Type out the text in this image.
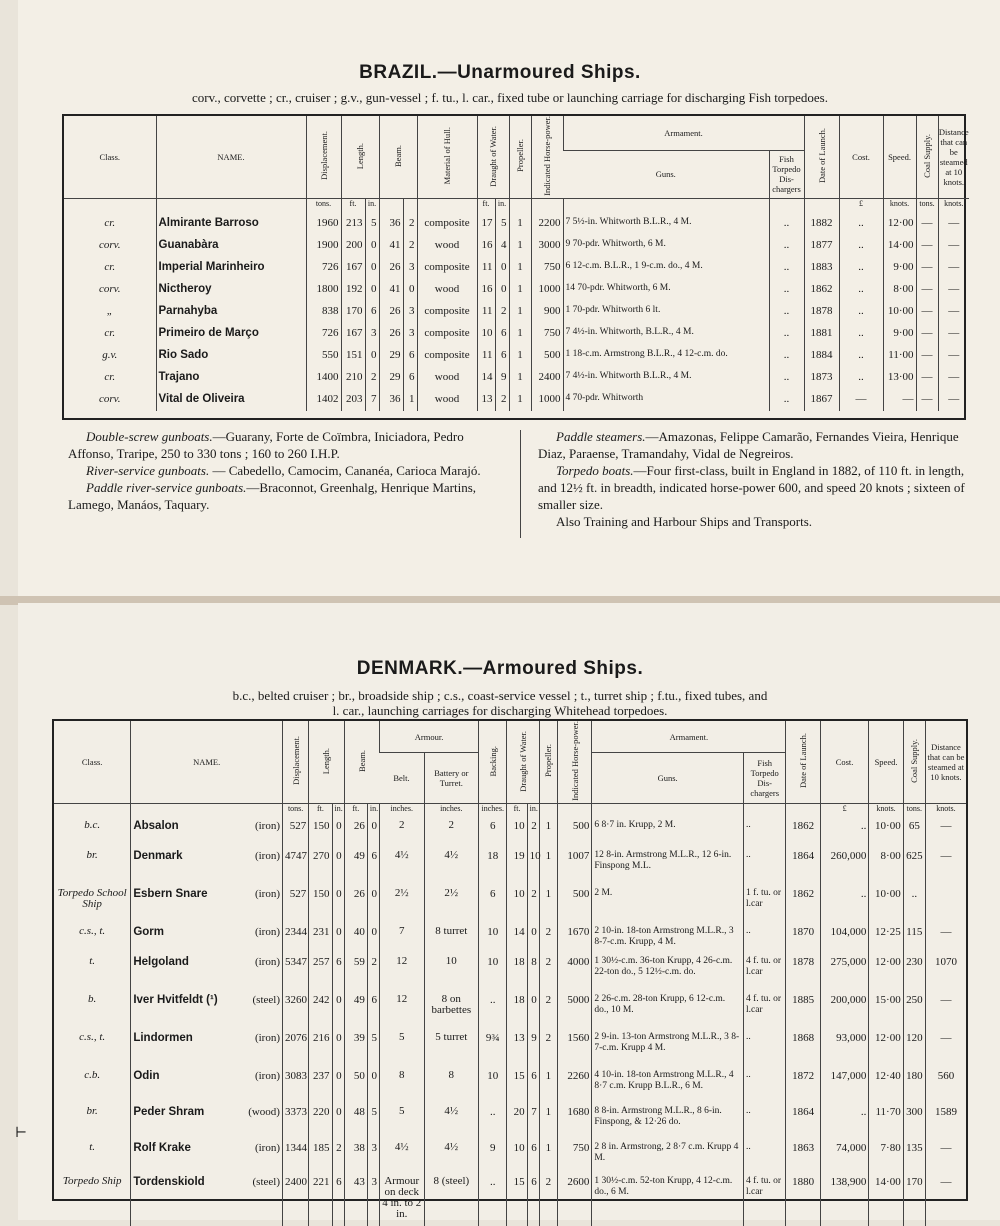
BRAZIL.—Unarmoured Ships.
corv., corvette ; cr., cruiser ; g.v., gun-vessel ; f. tu., l. car., fixed tube or launching carriage for discharging Fish torpedoes.
Class.	NAME.	Displacement.	Length.		Beam.		Material of Hull.	Draught of Water.		Propeller.	Indicated Horse-power.	Armament.		Date of Launch.	Cost.	Speed.	Coal Supply.	Distance that can be steamed at 10 knots.
												Guns.	Fish Torpedo Dis-chargers					
		tons.	ft.	in.				ft.	in.						£	knots.	tons.	knots.
cr.	Almirante Barroso	1960	213	5	36	2	composite	17	5	1	2200	7 5½-in. Whitworth B.L.R., 4 M.	..	1882	..	12·00	—	—
corv.	Guanabàra	1900	200	0	41	2	wood	16	4	1	3000	9 70-pdr. Whitworth, 6 M.	..	1877	..	14·00	—	—
cr.	Imperial Marinheiro	726	167	0	26	3	composite	11	0	1	750	6 12-c.m. B.L.R., 1 9-c.m. do., 4 M.	..	1883	..	9·00	—	—
corv.	Nictheroy	1800	192	0	41	0	wood	16	0	1	1000	14 70-pdr. Whitworth, 6 M.	..	1862	..	8·00	—	—
„	Parnahyba	838	170	6	26	3	composite	11	2	1	900	1 70-pdr. Whitworth 6 lt.	..	1878	..	10·00	—	—
cr.	Primeiro de Março	726	167	3	26	3	composite	10	6	1	750	7 4½-in. Whitworth, B.L.R., 4 M.	..	1881	..	9·00	—	—
g.v.	Rio Sado	550	151	0	29	6	composite	11	6	1	500	1 18-c.m. Armstrong B.L.R., 4 12-c.m. do.	..	1884	..	11·00	—	—
cr.	Trajano	1400	210	2	29	6	wood	14	9	1	2400	7 4½-in. Whitworth B.L.R., 4 M.	..	1873	..	13·00	—	—
corv.	Vital de Oliveira	1402	203	7	36	1	wood	13	2	1	1000	4 70-pdr. Whitworth	..	1867	—	—	—	—
Double-screw gunboats.—Guarany, Forte de Coïmbra, Iniciadora, Pedro Affonso, Traripe, 250 to 330 tons ; 160 to 260 I.H.P.
River-service gunboats. — Cabedello, Camocim, Cananéa, Carioca Marajó.
Paddle river-service gunboats.—Braconnot, Greenhalg, Henrique Martins, Lamego, Manáos, Taquary.
Paddle steamers.—Amazonas, Felippe Camarão, Fernandes Vieira, Henrique Diaz, Paraense, Tramandahy, Vidal de Negreiros.
Torpedo boats.—Four first-class, built in England in 1882, of 110 ft. in length, and 12½ ft. in breadth, indicated horse-power 600, and speed 20 knots ; sixteen of smaller size.
Also Training and Harbour Ships and Transports.
DENMARK.—Armoured Ships.
b.c., belted cruiser ; br., broadside ship ; c.s., coast-service vessel ; t., turret ship ; f.tu., fixed tubes, and
l. car., launching carriages for discharging Whitehead torpedoes.
Class.	NAME.	Displacement.	Length.		Beam.		Armour.		Backing.	Draught of Water.		Propeller.	Indicated Horse-power.	Armament.		Date of Launch.	Cost.	Speed.	Coal Supply.	Distance that can be steamed at 10 knots.
							Belt.	Battery or Turret.						Guns.	Fish Torpedo Dis-chargers					
		tons.	ft.	in.	ft.	in.	inches.	inches.	inches.	ft.	in.						£	knots.	tons.	knots.
b.c.	Absalon (iron)	527	150	0	26	0	2	2	6	10	2	1	500	6 8·7 in. Krupp, 2 M.	..	1862	..	10·00	65	—
br.	Denmark (iron)	4747	270	0	49	6	4½	4½	18	19	10	1	1007	12 8-in. Armstrong M.L.R., 12 6-in. Finspong M.L.	..	1864	260,000	8·00	625	—
Torpedo School Ship	Esbern Snare (iron)	527	150	0	26	0	2½	2½	6	10	2	1	500	2 M.	1 f. tu. or l.car	1862	..	10·00	..	
c.s., t.	Gorm (iron)	2344	231	0	40	0	7	8 turret	10	14	0	2	1670	2 10-in. 18-ton Armstrong M.L.R., 3 8-7-c.m. Krupp, 4 M.	..	1870	104,000	12·25	115	—
t.	Helgoland (iron)	5347	257	6	59	2	12	10	10	18	8	2	4000	1 30½-c.m. 36-ton Krupp, 4 26-c.m. 22-ton do., 5 12½-c.m. do.	4 f. tu. or l.car	1878	275,000	12·00	230	1070
b.	Iver Hvitfeldt (¹) (steel)	3260	242	0	49	6	12	8 on barbettes	..	18	0	2	5000	2 26-c.m. 28-ton Krupp, 6 12-c.m. do., 10 M.	4 f. tu. or l.car	1885	200,000	15·00	250	—
c.s., t.	Lindormen (iron)	2076	216	0	39	5	5	5 turret	9¾	13	9	2	1560	2 9-in. 13-ton Armstrong M.L.R., 3 8-7-c.m. Krupp 4 M.	..	1868	93,000	12·00	120	—
c.b.	Odin (iron)	3083	237	0	50	0	8	8	10	15	6	1	2260	4 10-in. 18-ton Armstrong M.L.R., 4 8·7 c.m. Krupp B.L.R., 6 M.	..	1872	147,000	12·40	180	560
br.	Peder Shram (wood)	3373	220	0	48	5	5	4½	..	20	7	1	1680	8 8-in. Armstrong M.L.R., 8 6-in. Finspong, & 12·26 do.	..	1864	..	11·70	300	1589
t.	Rolf Krake (iron)	1344	185	2	38	3	4½	4½	9	10	6	1	750	2 8 in. Armstrong, 2 8·7 c.m. Krupp 4 M.	..	1863	74,000	7·80	135	—
Torpedo Ship	Tordenskiold (steel)	2400	221	6	43	3	Armour on deck 4 in. to 2 in.	8 (steel)	..	15	6	2	2600	1 30½-c.m. 52-ton Krupp, 4 12-c.m. do., 6 M.	4 f. tu. or l.car	1880	138,900	14·00	170	—
⊢
